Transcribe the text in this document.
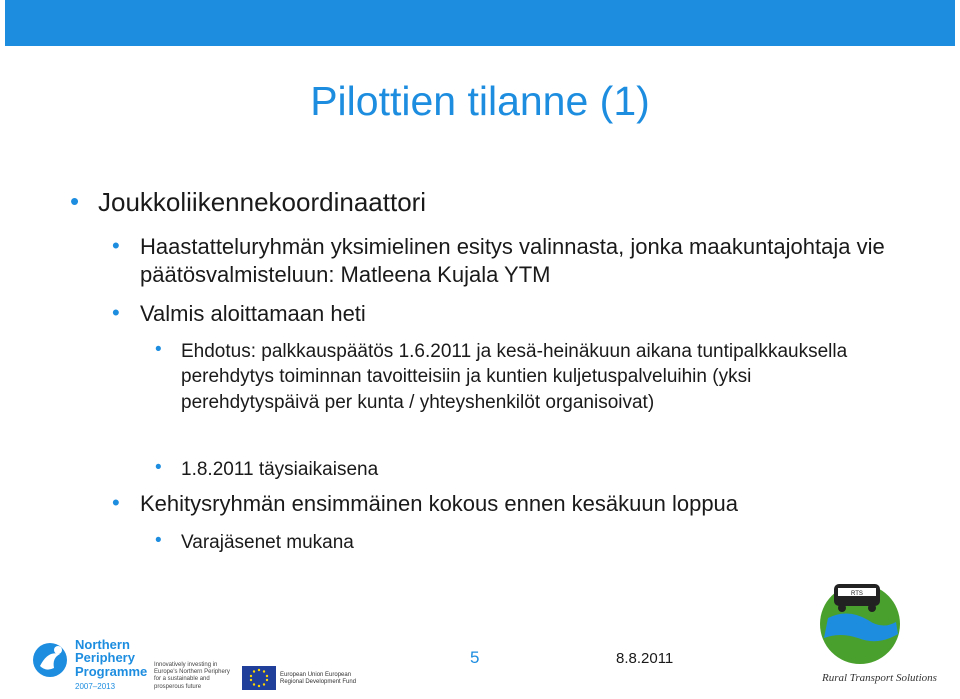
Pilottien tilanne (1)
• Joukkoliikennekoordinaattori
• Haastatteluryhmän yksimielinen esitys valinnasta, jonka maakuntajohtaja vie päätösvalmisteluun: Matleena Kujala YTM
• Valmis aloittamaan heti
•	Ehdotus: palkkauspäätös 1.6.2011 ja kesä-heinäkuun aikana tuntipalkkauksella perehdytys toiminnan tavoitteisiin ja kuntien kuljetuspalveluihin (yksi perehdytyspäivä per kunta / yhteyshenkilöt organisoivat)
•	1.8.2011 täysiaikaisena
• Kehitysryhmän ensimmäinen kokous ennen kesäkuun loppua
•	Varajäsenet mukana
Northern
Periphery
Programme
2007–2013
Innovatively investing in Europe's Northern Periphery for a sustainable and prosperous future
European Union European Regional Development Fund
5	8.8.2011
RTS
Rural Transport Solutions
